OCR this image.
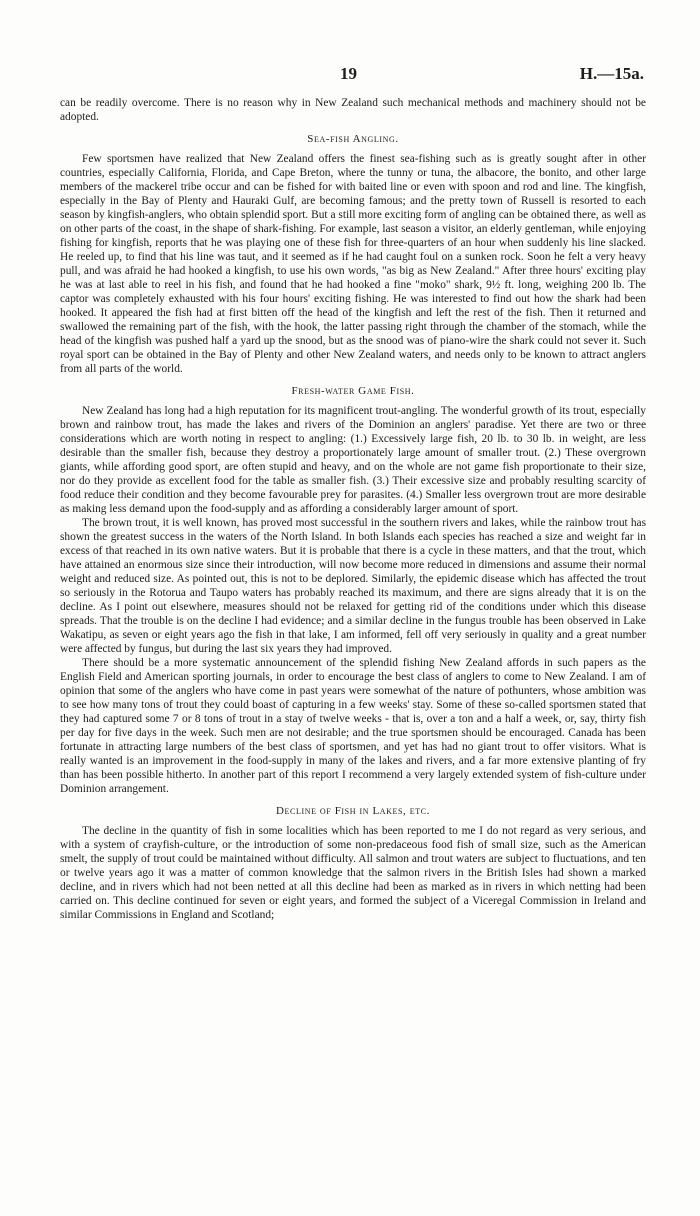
19	H.—15a.

can be readily overcome. There is no reason why in New Zealand such mechanical methods and machinery should not be adopted.

Sea-fish Angling.

Few sportsmen have realized that New Zealand offers the finest sea-fishing such as is greatly sought after in other countries, especially California, Florida, and Cape Breton, where the tunny or tuna, the albacore, the bonito, and other large members of the mackerel tribe occur and can be fished for with baited line or even with spoon and rod and line. The kingfish, especially in the Bay of Plenty and Hauraki Gulf, are becoming famous; and the pretty town of Russell is resorted to each season by kingfish-anglers, who obtain splendid sport. But a still more exciting form of angling can be obtained there, as well as on other parts of the coast, in the shape of shark-fishing. For example, last season a visitor, an elderly gentleman, while enjoying fishing for kingfish, reports that he was playing one of these fish for three-quarters of an hour when suddenly his line slacked. He reeled up, to find that his line was taut, and it seemed as if he had caught foul on a sunken rock. Soon he felt a very heavy pull, and was afraid he had hooked a kingfish, to use his own words, "as big as New Zealand." After three hours' exciting play he was at last able to reel in his fish, and found that he had hooked a fine "moko" shark, 9½ ft. long, weighing 200 lb. The captor was completely exhausted with his four hours' exciting fishing. He was interested to find out how the shark had been hooked. It appeared the fish had at first bitten off the head of the kingfish and left the rest of the fish. Then it returned and swallowed the remaining part of the fish, with the hook, the latter passing right through the chamber of the stomach, while the head of the kingfish was pushed half a yard up the snood, but as the snood was of piano-wire the shark could not sever it. Such royal sport can be obtained in the Bay of Plenty and other New Zealand waters, and needs only to be known to attract anglers from all parts of the world.

Fresh-water Game Fish.

New Zealand has long had a high reputation for its magnificent trout-angling. The wonderful growth of its trout, especially brown and rainbow trout, has made the lakes and rivers of the Dominion an anglers' paradise. Yet there are two or three considerations which are worth noting in respect to angling: (1.) Excessively large fish, 20 lb. to 30 lb. in weight, are less desirable than the smaller fish, because they destroy a proportionately large amount of smaller trout. (2.) These overgrown giants, while affording good sport, are often stupid and heavy, and on the whole are not game fish proportionate to their size, nor do they provide as excellent food for the table as smaller fish. (3.) Their excessive size and probably resulting scarcity of food reduce their condition and they become favourable prey for parasites. (4.) Smaller less overgrown trout are more desirable as making less demand upon the food-supply and as affording a considerably larger amount of sport.

The brown trout, it is well known, has proved most successful in the southern rivers and lakes, while the rainbow trout has shown the greatest success in the waters of the North Island. In both Islands each species has reached a size and weight far in excess of that reached in its own native waters. But it is probable that there is a cycle in these matters, and that the trout, which have attained an enormous size since their introduction, will now become more reduced in dimensions and assume their normal weight and reduced size. As pointed out, this is not to be deplored. Similarly, the epidemic disease which has affected the trout so seriously in the Rotorua and Taupo waters has probably reached its maximum, and there are signs already that it is on the decline. As I point out elsewhere, measures should not be relaxed for getting rid of the conditions under which this disease spreads. That the trouble is on the decline I had evidence; and a similar decline in the fungus trouble has been observed in Lake Wakatipu, as seven or eight years ago the fish in that lake, I am informed, fell off very seriously in quality and a great number were affected by fungus, but during the last six years they had improved.

There should be a more systematic announcement of the splendid fishing New Zealand affords in such papers as the English Field and American sporting journals, in order to encourage the best class of anglers to come to New Zealand. I am of opinion that some of the anglers who have come in past years were somewhat of the nature of pothunters, whose ambition was to see how many tons of trout they could boast of capturing in a few weeks' stay. Some of these so-called sportsmen stated that they had captured some 7 or 8 tons of trout in a stay of twelve weeks - that is, over a ton and a half a week, or, say, thirty fish per day for five days in the week. Such men are not desirable; and the true sportsmen should be encouraged. Canada has been fortunate in attracting large numbers of the best class of sportsmen, and yet has had no giant trout to offer visitors. What is really wanted is an improvement in the food-supply in many of the lakes and rivers, and a far more extensive planting of fry than has been possible hitherto. In another part of this report I recommend a very largely extended system of fish-culture under Dominion arrangement.

Decline of Fish in Lakes, etc.

The decline in the quantity of fish in some localities which has been reported to me I do not regard as very serious, and with a system of crayfish-culture, or the introduction of some non-predaceous food fish of small size, such as the American smelt, the supply of trout could be maintained without difficulty. All salmon and trout waters are subject to fluctuations, and ten or twelve years ago it was a matter of common knowledge that the salmon rivers in the British Isles had shown a marked decline, and in rivers which had not been netted at all this decline had been as marked as in rivers in which netting had been carried on. This decline continued for seven or eight years, and formed the subject of a Viceregal Commission in Ireland and similar Commissions in England and Scotland;
